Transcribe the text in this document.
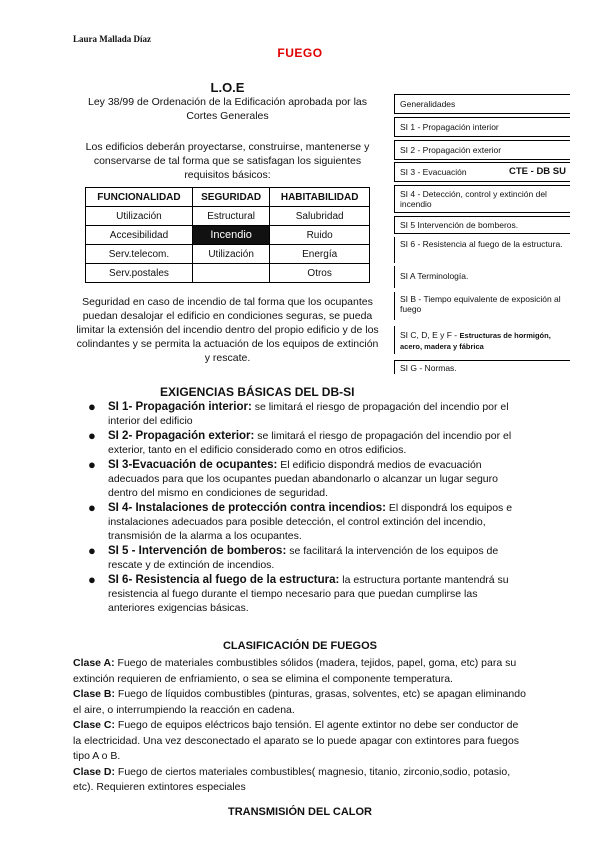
Laura Mallada Díaz
FUEGO
L.O.E
Ley 38/99 de Ordenación de la Edificación aprobada por las Cortes Generales
Los edificios deberán proyectarse, construirse, mantenerse y conservarse de tal forma que se satisfagan los siguientes requisitos básicos:
FUNCIONALIDAD	SEGURIDAD	HABITABILIDAD
Utilización	Estructural	Salubridad
Accesibilidad	Incendio	Ruido
Serv.telecom.	Utilización	Energía
Serv.postales		Otros
Seguridad en caso de incendio de tal forma que los ocupantes puedan desalojar el edificio en condiciones seguras, se pueda limitar la extensión del incendio dentro del propio edificio y de los colindantes y se permita la actuación de los equipos de extinción y rescate.
Generalidades
SI 1 - Propagación interior
SI 2 - Propagación exterior
SI 3 - Evacuación	CTE - DB SU
SI 4 - Detección, control y extinción del incendio
SI 5 Intervención de bomberos.
SI 6 - Resistencia al fuego de la estructura.
SI A Terminología.
SI B - Tiempo equivalente de exposición al fuego
SI C, D, E y F - Estructuras de hormigón, acero, madera y fábrica
SI G - Normas.
EXIGENCIAS BÁSICAS DEL DB-SI
● SI 1- Propagación interior: se limitará el riesgo de propagación del incendio por el interior del edificio
● SI 2- Propagación exterior: se limitará el riesgo de propagación del incendio por el exterior, tanto en el edificio considerado como en otros edificios.
● SI 3-Evacuación de ocupantes: El edificio dispondrá medios de evacuación adecuados para que los ocupantes puedan abandonarlo o alcanzar un lugar seguro dentro del mismo en condiciones de seguridad.
● SI 4- Instalaciones de protección contra incendios: El dispondrá los equipos e instalaciones adecuados para posible detección, el control extinción del incendio, transmisión de la alarma a los ocupantes.
● SI 5 - Intervención de bomberos: se facilitará la intervención de los equipos de rescate y de extinción de incendios.
● SI 6- Resistencia al fuego de la estructura: la estructura portante mantendrá su resistencia al fuego durante el tiempo necesario para que puedan cumplirse las anteriores exigencias básicas.
CLASIFICACIÓN DE FUEGOS

Clase A: Fuego de materiales combustibles sólidos (madera, tejidos, papel, goma, etc) para su extinción requieren de enfriamiento, o sea se elimina el componente temperatura.

Clase B: Fuego de líquidos combustibles (pinturas, grasas, solventes, etc) se apagan eliminando el aire, o interrumpiendo la reacción en cadena.

Clase C: Fuego de equipos eléctricos bajo tensión. El agente extintor no debe ser conductor de la electricidad. Una vez desconectado el aparato se lo puede apagar con extintores para fuegos tipo A o B.

Clase D: Fuego de ciertos materiales combustibles( magnesio, titanio, zirconio,sodio, potasio, etc). Requieren extintores especiales

TRANSMISIÓN DEL CALOR
